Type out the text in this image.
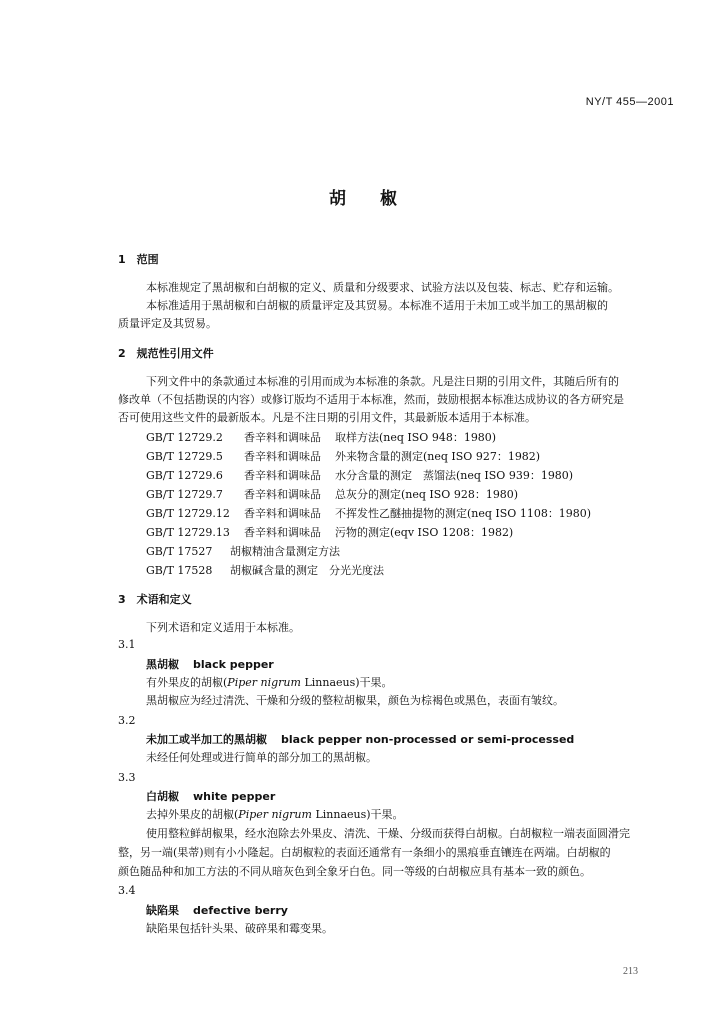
NY/T 455—2001
胡椒
1　 范围
本标准规定了黑胡椒和白胡椒的定义、质量和分级要求、试验方法以及包装、标志、贮存和运输。
本标准适用于黑胡椒和白胡椒的质量评定及其贸易。本标准不适用于未加工或半加工的黑胡椒的
质量评定及其贸易。
2　 规范性引用文件
下列文件中的条款通过本标准的引用而成为本标准的条款。凡是注日期的引用文件，其随后所有的
修改单（不包括勘误的内容）或修订版均不适用于本标准，然而，鼓励根据本标准达成协议的各方研究是
否可使用这些文件的最新版本。凡是不注日期的引用文件，其最新版本适用于本标准。
GB/T 12729.2 香辛料和调味品 取样方法(neq ISO 948：1980)
GB/T 12729.5 香辛料和调味品 外来物含量的测定(neq ISO 927：1982)
GB/T 12729.6 香辛料和调味品 水分含量的测定　蒸馏法(neq ISO 939：1980)
GB/T 12729.7 香辛料和调味品 总灰分的测定(neq ISO 928：1980)
GB/T 12729.12 香辛料和调味品 不挥发性乙醚抽提物的测定(neq ISO 1108：1980)
GB/T 12729.13 香辛料和调味品 污物的测定(eqv ISO 1208：1982)
GB/T 17527 胡椒精油含量测定方法
GB/T 17528 胡椒碱含量的测定　分光光度法
3　 术语和定义
下列术语和定义适用于本标准。
3.1
黑胡椒 black pepper
有外果皮的胡椒(Piper nigrum Linnaeus)干果。
黑胡椒应为经过清洗、干燥和分级的整粒胡椒果，颜色为棕褐色或黑色，表面有皱纹。
3.2
未加工或半加工的黑胡椒 black pepper non-processed or semi-processed
未经任何处理或进行简单的部分加工的黑胡椒。
3.3
白胡椒 white pepper
去掉外果皮的胡椒(Piper nigrum Linnaeus)干果。
使用整粒鲜胡椒果，经水泡除去外果皮、清洗、干燥、分级而获得白胡椒。白胡椒粒一端表面圆滑完
整，另一端(果蒂)则有小小隆起。白胡椒粒的表面还通常有一条细小的黑痕垂直镶连在两端。白胡椒的
颜色随品种和加工方法的不同从暗灰色到全象牙白色。同一等级的白胡椒应具有基本一致的颜色。
3.4
缺陷果 defective berry
缺陷果包括针头果、破碎果和霉变果。
213
